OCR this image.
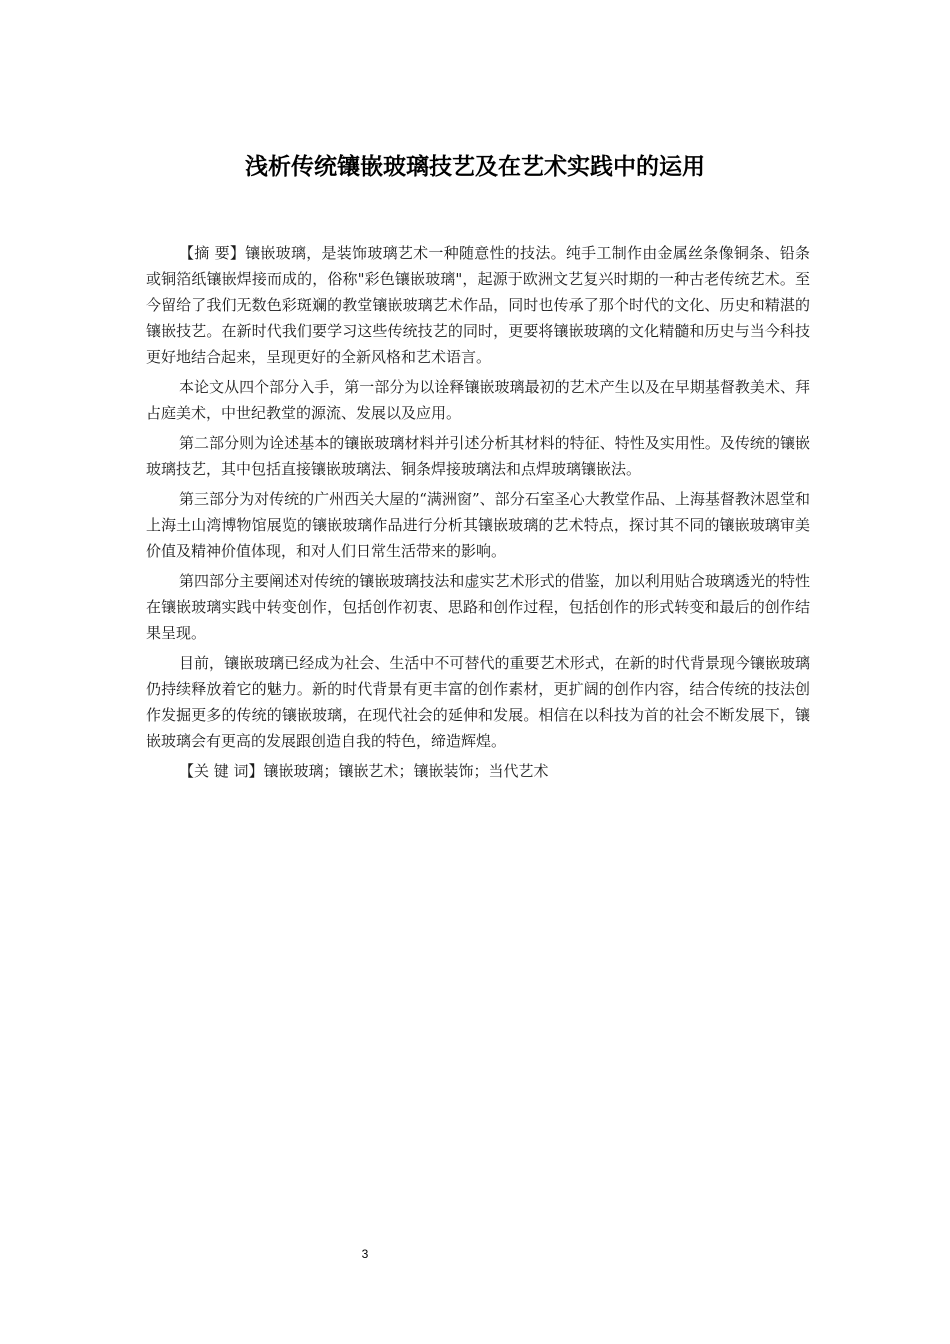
浅析传统镶嵌玻璃技艺及在艺术实践中的运用

【摘 要】镶嵌玻璃，是装饰玻璃艺术一种随意性的技法。纯手工制作由金属丝条像铜条、铅条或铜箔纸镶嵌焊接而成的，俗称"彩色镶嵌玻璃"，起源于欧洲文艺复兴时期的一种古老传统艺术。至今留给了我们无数色彩斑斓的教堂镶嵌玻璃艺术作品，同时也传承了那个时代的文化、历史和精湛的镶嵌技艺。在新时代我们要学习这些传统技艺的同时，更要将镶嵌玻璃的文化精髓和历史与当今科技更好地结合起来，呈现更好的全新风格和艺术语言。

本论文从四个部分入手，第一部分为以诠释镶嵌玻璃最初的艺术产生以及在早期基督教美术、拜占庭美术，中世纪教堂的源流、发展以及应用。

第二部分则为诠述基本的镶嵌玻璃材料并引述分析其材料的特征、特性及实用性。及传统的镶嵌玻璃技艺，其中包括直接镶嵌玻璃法、铜条焊接玻璃法和点焊玻璃镶嵌法。

第三部分为对传统的广州西关大屋的“满洲窗”、部分石室圣心大教堂作品、上海基督教沐恩堂和上海土山湾博物馆展览的镶嵌玻璃作品进行分析其镶嵌玻璃的艺术特点，探讨其不同的镶嵌玻璃审美价值及精神价值体现，和对人们日常生活带来的影响。

第四部分主要阐述对传统的镶嵌玻璃技法和虚实艺术形式的借鉴，加以利用贴合玻璃透光的特性在镶嵌玻璃实践中转变创作，包括创作初衷、思路和创作过程，包括创作的形式转变和最后的创作结果呈现。

目前，镶嵌玻璃已经成为社会、生活中不可替代的重要艺术形式，在新的时代背景现今镶嵌玻璃仍持续释放着它的魅力。新的时代背景有更丰富的创作素材，更扩阔的创作内容，结合传统的技法创作发掘更多的传统的镶嵌玻璃，在现代社会的延伸和发展。相信在以科技为首的社会不断发展下，镶嵌玻璃会有更高的发展跟创造自我的特色，缔造辉煌。

【关 键 词】镶嵌玻璃；镶嵌艺术；镶嵌装饰；当代艺术

3
